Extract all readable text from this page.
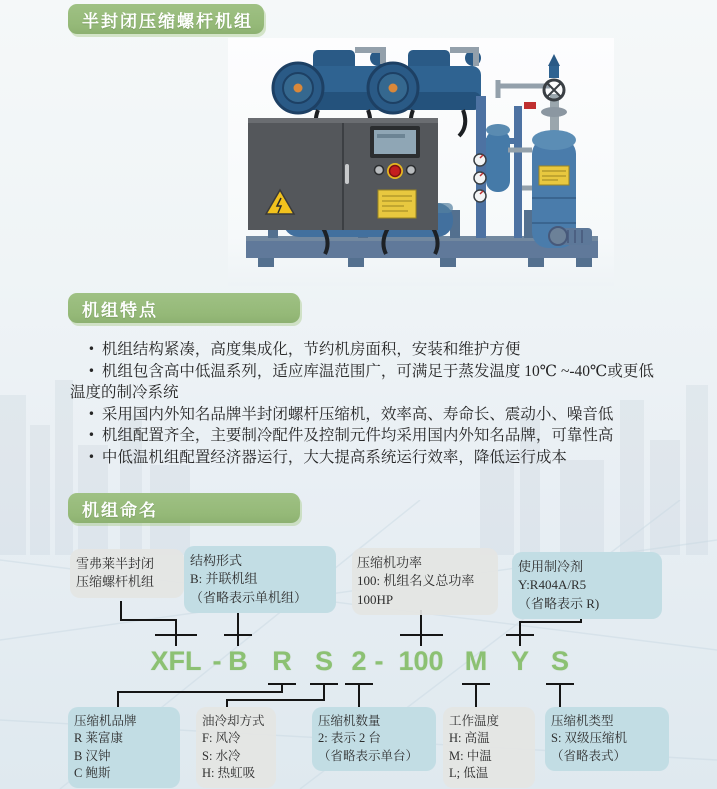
半封闭压缩螺杆机组
机组特点

• 机组结构紧凑，高度集成化，节约机房面积，安装和维护方便

• 机组包含高中低温系列，适应库温范围广，可满足于蒸发温度 10℃ ~-40℃或更低温度的制冷系统

• 采用国内外知名品牌半封闭螺杆压缩机，效率高、寿命长、震动小、噪音低

• 机组配置齐全，主要制冷配件及控制元件均采用国内外知名品牌，可靠性高

• 中低温机组配置经济器运行，大大提高系统运行效率，降低运行成本

机组命名
雪弗莱半封闭
压缩螺杆机组
结构形式
B: 并联机组
（省略表示单机组）
压缩机功率
100: 机组名义总功率
100HP
使用制冷剂
Y:R404A/R5
（省略表示 R)
XFL - B R S 2 - 100 M Y S
压缩机品牌
R 莱富康
B 汉钟
C 鲍斯
油冷却方式
F: 风冷
S: 水冷
H: 热虹吸
压缩机数量
2: 表示 2 台
（省略表示单台）
工作温度
H: 高温
M: 中温
L; 低温
压缩机类型
S: 双级压缩机
（省略表式）
